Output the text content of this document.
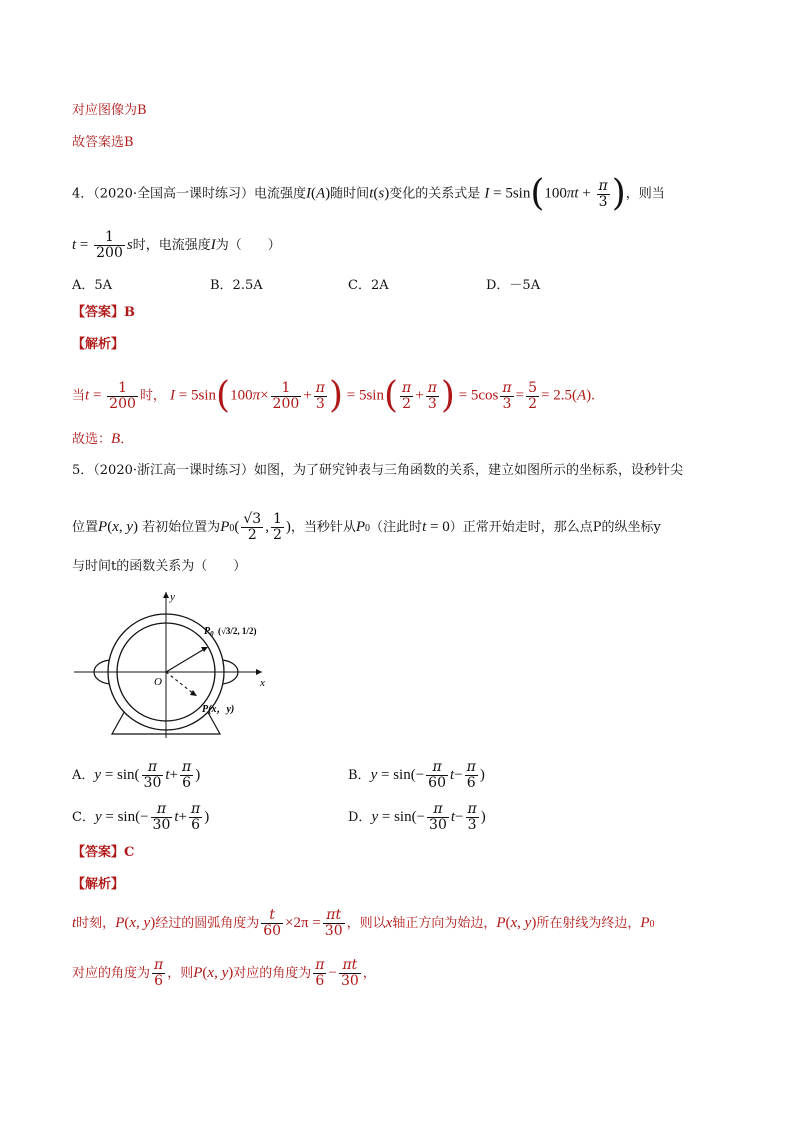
对应图像为B
故答案选B
4．（2020·全国高一课时练习）电流强度I(A)随时间t(s)变化的关系式是 $I = 5\sin(100\pi t + \frac{\pi}{3}$ )，则当
$t = \frac{1}{200}$ s时，电流强度I为（　　）
A．5A	B．2.5A	C．2A	D．－5A
【答案】B
【解析】
当$t = \frac{1}{200}$ 时， $I = 5\sin(100\pi\times \frac{1}{200} + \frac{\pi}{3}$ ) = $5\sin( \frac{\pi}{2} + \frac{\pi}{3}$ ) = $5\cos \frac{\pi}{3} = \frac{5}{2} = 2.5(A)$.
故选：B．
5．（2020·浙江高一课时练习）如图，为了研究钟表与三角函数的关系，建立如图所示的坐标系，设秒针尖
位置P(x, y) 若初始位置为$P0( \frac{√3}{2}$ , $\frac{1}{2}$ )，当秒针从P0（注此时t = 0）正常开始走时，那么点P的纵坐标y
与时间t的函数关系为（　　）
y
x
O
$P_0$ (√3/2, 1/2)
P(x，y)
A．$y = \sin( \frac{\pi}{30} t+ \frac{\pi}{6}$ )	B．$y = \sin(- \frac{\pi}{60} t- \frac{\pi}{6}$ )
C．$y = \sin(- \frac{\pi}{30} t+ \frac{\pi}{6}$ )	D．$y = \sin(- \frac{\pi}{30} t- \frac{\pi}{3}$ )
【答案】C
【解析】
t时刻，P(x, y)经过的圆弧角度为 $\frac{t}{60} \times 2\pi = \frac{\pi t}{30}$ ，则以x轴正方向为始边，P(x, y)所在射线为终边，P0
对应的角度为 $\frac{\pi}{6}$ ，则P(x, y)对应的角度为 $\frac{\pi}{6} - \frac{\pi t}{30}$ ，
